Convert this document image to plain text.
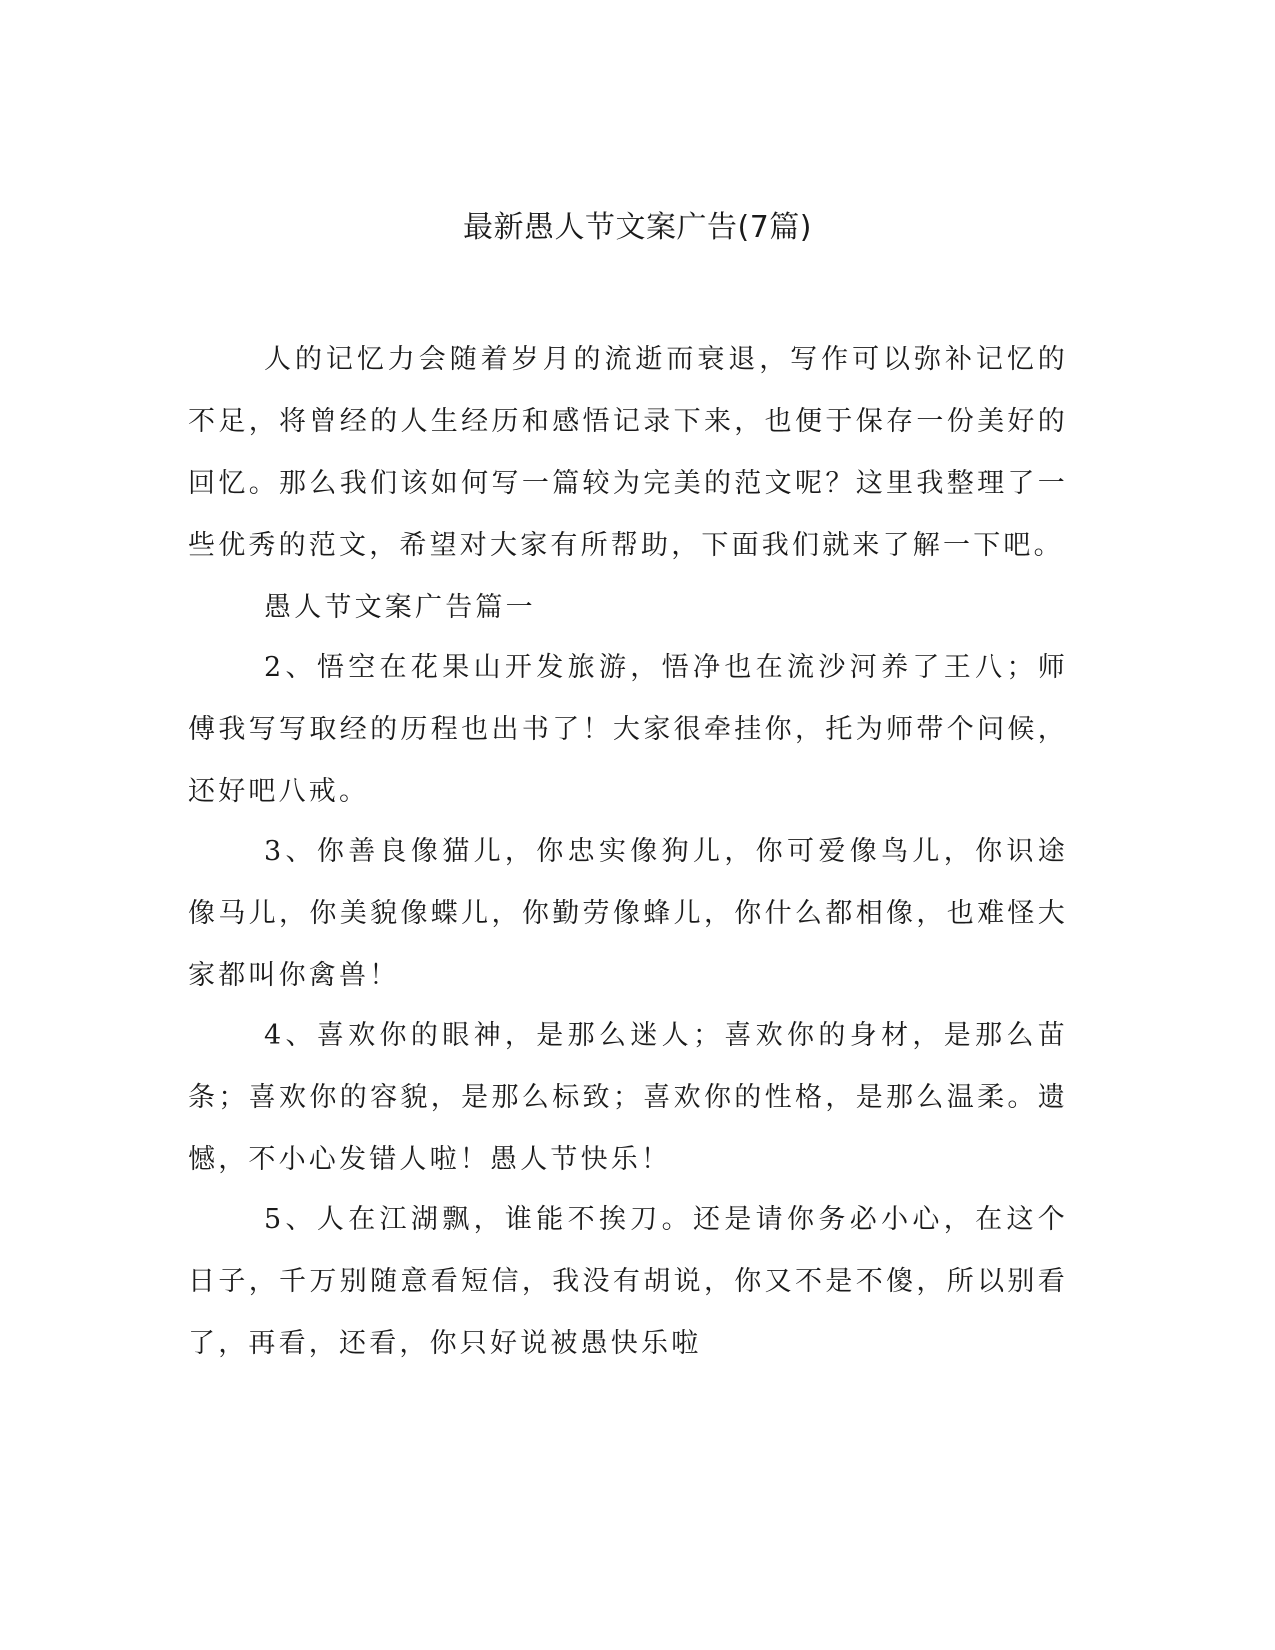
最新愚人节文案广告(7篇)

人的记忆力会随着岁月的流逝而衰退，写作可以弥补记忆的不足，将曾经的人生经历和感悟记录下来，也便于保存一份美好的回忆。那么我们该如何写一篇较为完美的范文呢？这里我整理了一些优秀的范文，希望对大家有所帮助，下面我们就来了解一下吧。

愚人节文案广告篇一

2、悟空在花果山开发旅游，悟净也在流沙河养了王八；师傅我写写取经的历程也出书了！大家很牵挂你，托为师带个问候，还好吧八戒。

3、你善良像猫儿，你忠实像狗儿，你可爱像鸟儿，你识途像马儿，你美貌像蝶儿，你勤劳像蜂儿，你什么都相像，也难怪大家都叫你禽兽！

4、喜欢你的眼神，是那么迷人；喜欢你的身材，是那么苗条；喜欢你的容貌，是那么标致；喜欢你的性格，是那么温柔。遗憾，不小心发错人啦！愚人节快乐！

5、人在江湖飘，谁能不挨刀。还是请你务必小心，在这个日子，千万别随意看短信，我没有胡说，你又不是不傻，所以别看了，再看，还看，你只好说被愚快乐啦
